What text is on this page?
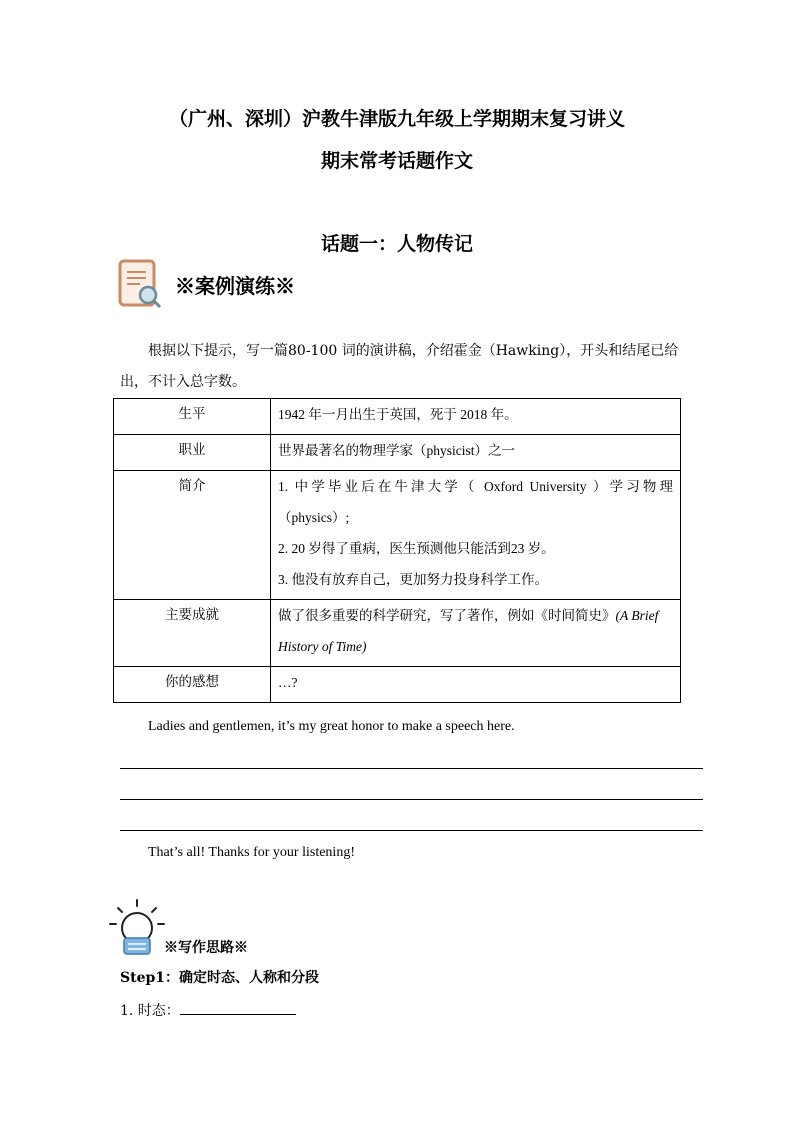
（广州、深圳）沪教牛津版九年级上学期期末复习讲义
期末常考话题作文
话题一：人物传记
※案例演练※
根据以下提示，写一篇80-100 词的演讲稿，介绍霍金（Hawking），开头和结尾已给出，不计入总字数。
生平	1942 年一月出生于英国，死于 2018 年。
职业	世界最著名的物理学家（physicist）之一
简介	1. 中学毕业后在牛津大学（ Oxford University ）学习物理（physics）;
2. 20 岁得了重病，医生预测他只能活到23 岁。
3. 他没有放弃自己，更加努力投身科学工作。

主要成就	做了很多重要的科学研究，写了著作，例如《时间简史》(A Brief History of Time)
你的感想	…?
Ladies and gentlemen, it’s my great honor to make a speech here.
That’s all! Thanks for your listening!
※写作思路※
Step1：确定时态、人称和分段
1. 时态：
